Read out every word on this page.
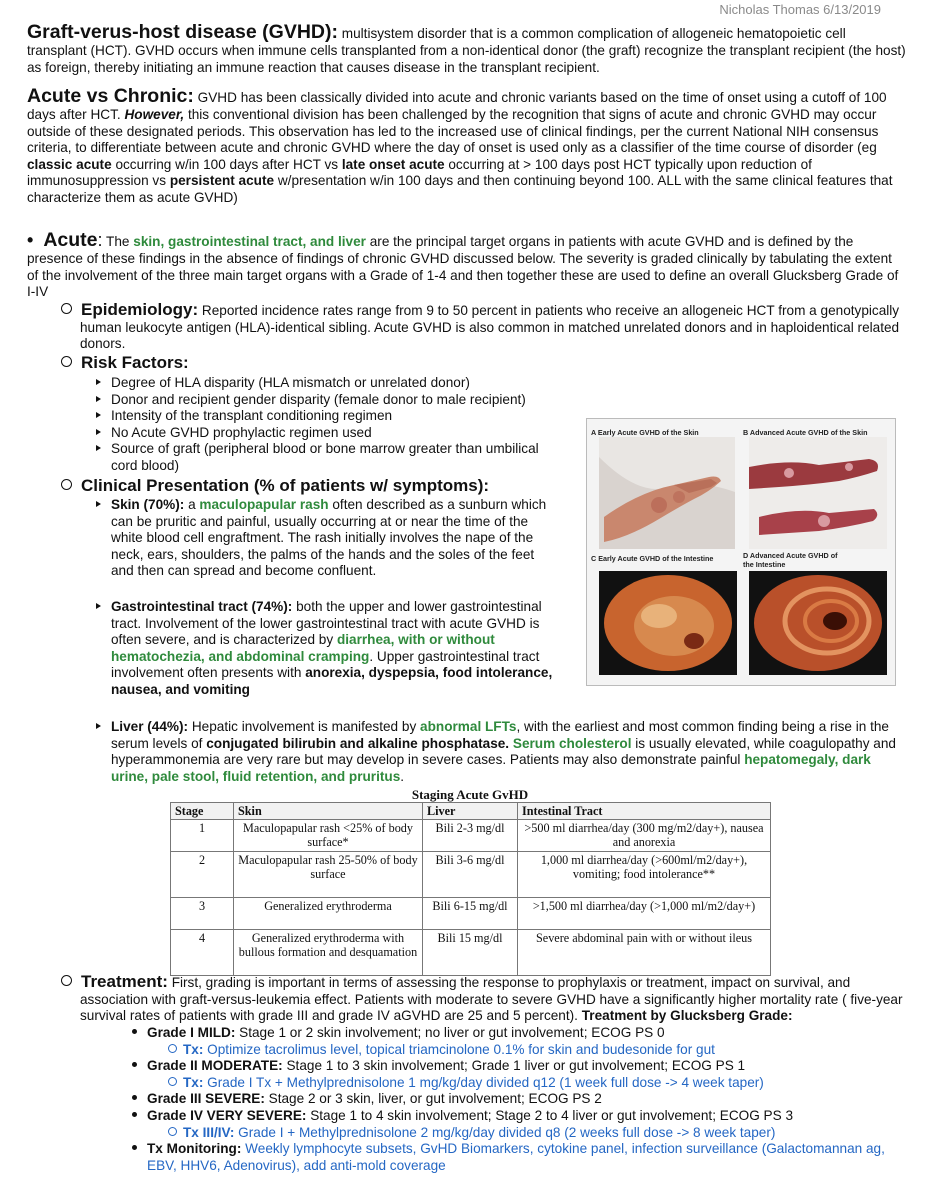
Nicholas Thomas 6/13/2019
Graft-verus-host disease (GVHD): multisystem disorder that is a common complication of allogeneic hematopoietic cell transplant (HCT). GVHD occurs when immune cells transplanted from a non-identical donor (the graft) recognize the transplant recipient (the host) as foreign, thereby initiating an immune reaction that causes disease in the transplant recipient.
Acute vs Chronic: GVHD has been classically divided into acute and chronic variants based on the time of onset using a cutoff of 100 days after HCT. However, this conventional division has been challenged by the recognition that signs of acute and chronic GVHD may occur outside of these designated periods. This observation has led to the increased use of clinical findings, per the current National NIH consensus criteria, to differentiate between acute and chronic GVHD where the day of onset is used only as a classifier of the time course of disorder (eg classic acute occurring w/in 100 days after HCT vs late onset acute occurring at > 100 days post HCT typically upon reduction of immunosuppression vs persistent acute w/presentation w/in 100 days and then continuing beyond 100. ALL with the same clinical features that characterize them as acute GVHD)
• Acute: The skin, gastrointestinal tract, and liver are the principal target organs in patients with acute GVHD and is defined by the presence of these findings in the absence of findings of chronic GVHD discussed below. The severity is graded clinically by tabulating the extent of the involvement of the three main target organs with a Grade of 1-4 and then together these are used to define an overall Glucksberg Grade of I-IV
Epidemiology: Reported incidence rates range from 9 to 50 percent in patients who receive an allogeneic HCT from a genotypically human leukocyte antigen (HLA)-identical sibling. Acute GVHD is also common in matched unrelated donors and in haploidentical related donors.
Risk Factors:
Degree of HLA disparity (HLA mismatch or unrelated donor)
Donor and recipient gender disparity (female donor to male recipient)
Intensity of the transplant conditioning regimen
No Acute GVHD prophylactic regimen used
Source of graft (peripheral blood or bone marrow greater than umbilical cord blood)
Clinical Presentation (% of patients w/ symptoms):
Skin (70%): a maculopapular rash often described as a sunburn which can be pruritic and painful, usually occurring at or near the time of the white blood cell engraftment. The rash initially involves the nape of the neck, ears, shoulders, the palms of the hands and the soles of the feet and then can spread and become confluent.
Gastrointestinal tract (74%): both the upper and lower gastrointestinal tract. Involvement of the lower gastrointestinal tract with acute GVHD is often severe, and is characterized by diarrhea, with or without hematochezia, and abdominal cramping. Upper gastrointestinal tract involvement often presents with anorexia, dyspepsia, food intolerance, nausea, and vomiting
Liver (44%): Hepatic involvement is manifested by abnormal LFTs, with the earliest and most common finding being a rise in the serum levels of conjugated bilirubin and alkaline phosphatase. Serum cholesterol is usually elevated, while coagulopathy and hyperammonemia are very rare but may develop in severe cases. Patients may also demonstrate painful hepatomegaly, dark urine, pale stool, fluid retention, and pruritus.
A Early Acute GVHD of the Skin	B Advanced Acute GVHD of the Skin
C Early Acute GVHD of the Intestine	D Advanced Acute GVHD of the Intestine
Staging Acute GvHD
Stage	Skin	Liver	Intestinal Tract
1	Maculopapular rash <25% of body surface*	Bili 2-3 mg/dl	>500 ml diarrhea/day (300 mg/m2/day+), nausea and anorexia
2	Maculopapular rash 25-50% of body surface	Bili 3-6 mg/dl	1,000 ml diarrhea/day (>600ml/m2/day+), vomiting; food intolerance**
3	Generalized erythroderma	Bili 6-15 mg/dl	>1,500 ml diarrhea/day (>1,000 ml/m2/day+)
4	Generalized erythroderma with bullous formation and desquamation	Bili 15 mg/dl	Severe abdominal pain with or without ileus
Treatment: First, grading is important in terms of assessing the response to prophylaxis or treatment, impact on survival, and association with graft-versus-leukemia effect. Patients with moderate to severe GVHD have a significantly higher mortality rate ( five-year survival rates of patients with grade III and grade IV aGVHD are 25 and 5 percent). Treatment by Glucksberg Grade:
Grade I MILD: Stage 1 or 2 skin involvement; no liver or gut involvement; ECOG PS 0
Tx: Optimize tacrolimus level, topical triamcinolone 0.1% for skin and budesonide for gut
Grade II MODERATE: Stage 1 to 3 skin involvement; Grade 1 liver or gut involvement; ECOG PS 1
Tx: Grade I Tx + Methylprednisolone 1 mg/kg/day divided q12 (1 week full dose -> 4 week taper)
Grade III SEVERE: Stage 2 or 3 skin, liver, or gut involvement; ECOG PS 2
Grade IV VERY SEVERE: Stage 1 to 4 skin involvement; Stage 2 to 4 liver or gut involvement; ECOG PS 3
Tx III/IV: Grade I + Methylprednisolone 2 mg/kg/day divided q8 (2 weeks full dose -> 8 week taper)
Tx Monitoring: Weekly lymphocyte subsets, GvHD Biomarkers, cytokine panel, infection surveillance (Galactomannan ag, EBV, HHV6, Adenovirus), add anti-mold coverage
